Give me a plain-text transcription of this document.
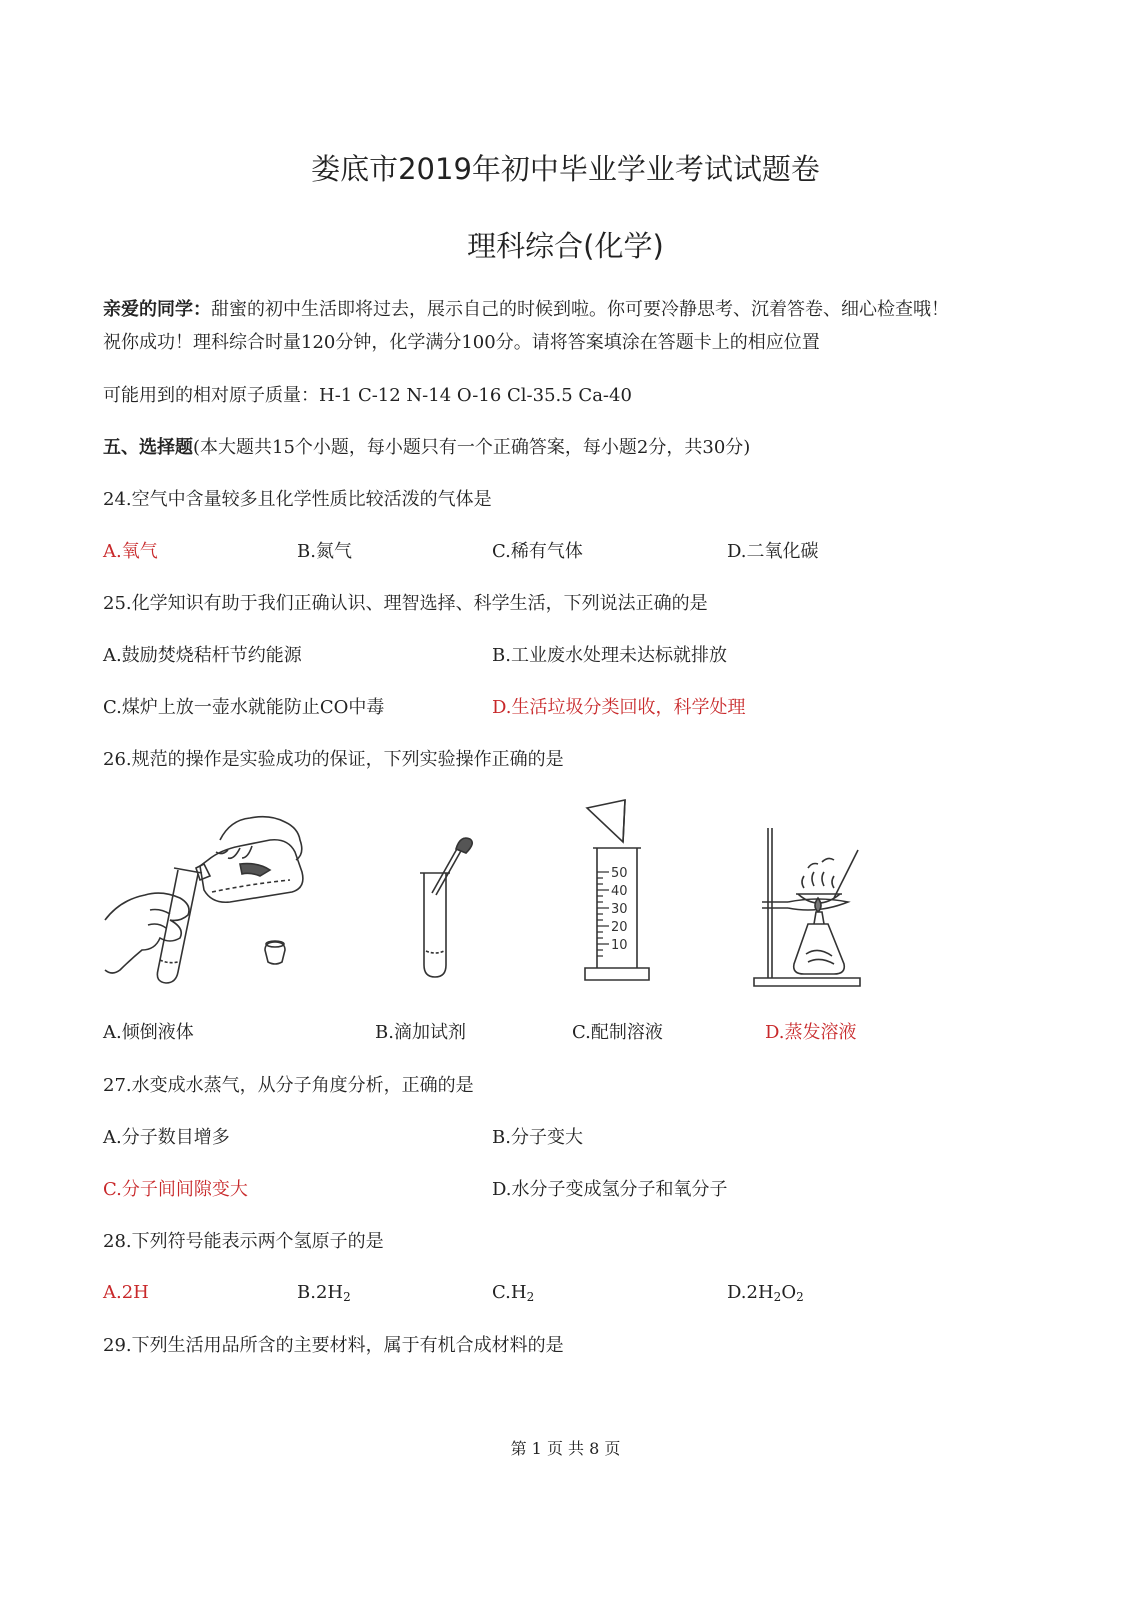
娄底市2019年初中毕业学业考试试题卷
理科综合(化学)
亲爱的同学：甜蜜的初中生活即将过去，展示自己的时候到啦。你可要冷静思考、沉着答卷、细心检查哦！
祝你成功！理科综合时量120分钟，化学满分100分。请将答案填涂在答题卡上的相应位置
可能用到的相对原子质量：H-1 C-12 N-14 O-16 Cl-35.5 Ca-40
五、选择题(本大题共15个小题，每小题只有一个正确答案，每小题2分，共30分)
24.空气中含量较多且化学性质比较活泼的气体是
A.氧气	B.氮气	C.稀有气体	D.二氧化碳
25.化学知识有助于我们正确认识、理智选择、科学生活，下列说法正确的是
A.鼓励焚烧秸杆节约能源	B.工业废水处理未达标就排放
C.煤炉上放一壶水就能防止CO中毒	D.生活垃圾分类回收，科学处理
26.规范的操作是实验成功的保证，下列实验操作正确的是
50
40
30
20
10
A.倾倒液体	B.滴加试剂	C.配制溶液	D.蒸发溶液
27.水变成水蒸气，从分子角度分析，正确的是
A.分子数目增多	B.分子变大
C.分子间间隙变大	D.水分子变成氢分子和氧分子
28.下列符号能表示两个氢原子的是
A.2H	$B.2H_2$	$C.H_2$	$D.2H_2O_2$
29.下列生活用品所含的主要材料，属于有机合成材料的是
第 1 页 共 8 页
